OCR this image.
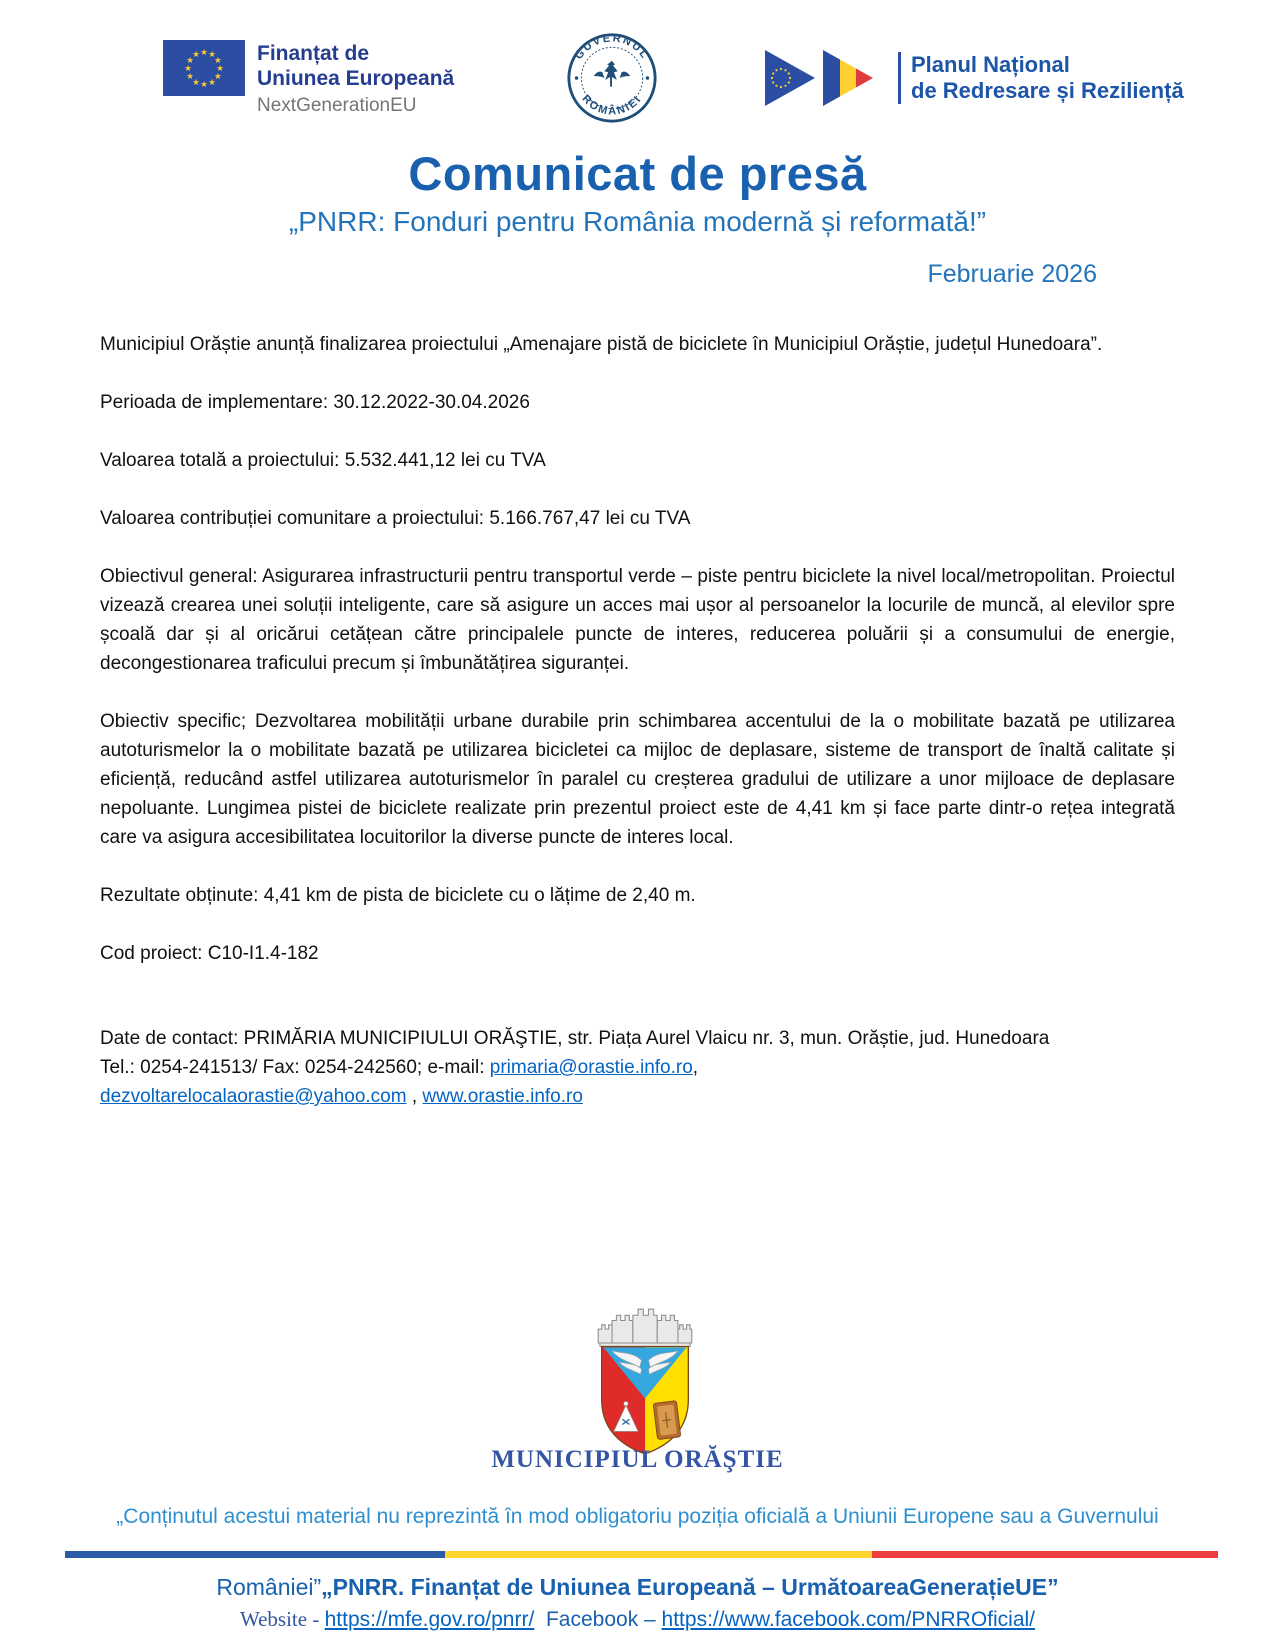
★ ★
★
★
★
★
★
★
★
★
★
★	Finanțat de
Uniunea Europeană
NextGenerationEU
GUVERNUL
ROMÂNIEI
Planul Național
de Redresare și Reziliență
Comunicat de presă
„PNRR: Fonduri pentru România modernă și reformată!”
Februarie 2026

Municipiul Orăștie anunță finalizarea proiectului „Amenajare pistă de biciclete în Municipiul Orăștie, județul Hunedoara”.

Perioada de implementare: 30.12.2022-30.04.2026

Valoarea totală a proiectului: 5.532.441,12 lei cu TVA

Valoarea contribuției comunitare a proiectului: 5.166.767,47 lei cu TVA

Obiectivul general: Asigurarea infrastructurii pentru transportul verde – piste pentru biciclete la nivel local/metropolitan. Proiectul vizează crearea unei soluții inteligente, care să asigure un acces mai ușor al persoanelor la locurile de muncă, al elevilor spre școală dar și al oricărui cetățean către principalele puncte de interes, reducerea poluării și a consumului de energie, decongestionarea traficului precum și îmbunătățirea siguranței.

Obiectiv specific; Dezvoltarea mobilității urbane durabile prin schimbarea accentului de la o mobilitate bazată pe utilizarea autoturismelor la o mobilitate bazată pe utilizarea bicicletei ca mijloc de deplasare, sisteme de transport de înaltă calitate și eficiență, reducând astfel utilizarea autoturismelor în paralel cu creșterea gradului de utilizare a unor mijloace de deplasare nepoluante. Lungimea pistei de biciclete realizate prin prezentul proiect este de 4,41 km și face parte dintr-o rețea integrată care va asigura accesibilitatea locuitorilor la diverse puncte de interes local.

Rezultate obținute: 4,41 km de pista de biciclete cu o lățime de 2,40 m.

Cod proiect: C10-I1.4-182

Date de contact: PRIMĂRIA MUNICIPIULUI ORĂŞTIE, str. Piața Aurel Vlaicu nr. 3, mun. Orăștie, jud. Hunedoara

Tel.: 0254-241513/ Fax: 0254-242560; e-mail: primaria@orastie.info.ro,

dezvoltarelocalaorastie@yahoo.com , www.orastie.info.ro

MUNICIPIUL ORĂŞTIE
„Conținutul acestui material nu reprezintă în mod obligatoriu poziția oficială a Uniunii Europene sau a Guvernului
României”„PNRR. Finanțat de Uniunea Europeană – UrmătoareaGenerațieUE”
Website - https://mfe.gov.ro/pnrr/ Facebook – https://www.facebook.com/PNRROficial/
